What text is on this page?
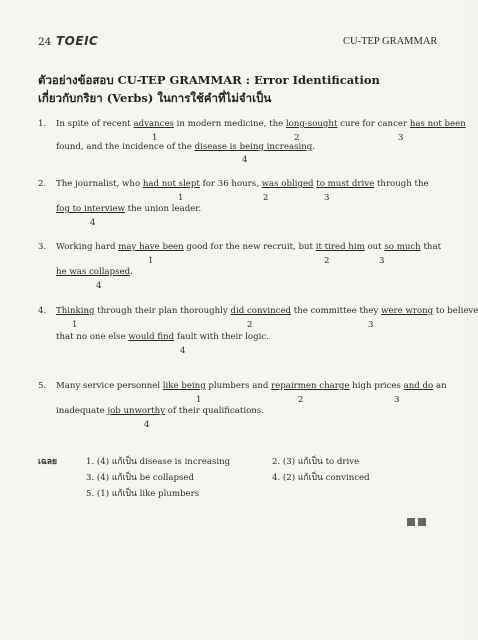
24 TOEIC	CU-TEP GRAMMAR
ตัวอย่างข้อสอบ CU-TEP GRAMMAR : Error Identification
เกี่ยวกับกริยา (Verbs) ในการใช้คำที่ไม่จำเป็น
1. In spite of recent advances in modern medicine, the long-sought cure for cancer has not been
1	2	3
found, and the incidence of the disease is being increasing.
4
2. The journalist, who had not slept for 36 hours, was obliged to must drive through the
1	2	3
fog to interview the union leader.
4
3. Working hard may have been good for the new recruit, but it tired him out so much that
1	2	3
he was collapsed.
4
4. Thinking through their plan thoroughly did convinced the committee they were wrong to believe
1	2	3
that no one else would find fault with their logic.
4
5. Many service personnel like being plumbers and repairmen charge high prices and do an
1	2	3
inadequate job unworthy of their qualifications.
4
เฉลย	1. (4) แก้เป็น disease is increasing	2. (3) แก้เป็น to drive
3. (4) แก้เป็น be collapsed	4. (2) แก้เป็น convinced
5. (1) แก้เป็น like plumbers
